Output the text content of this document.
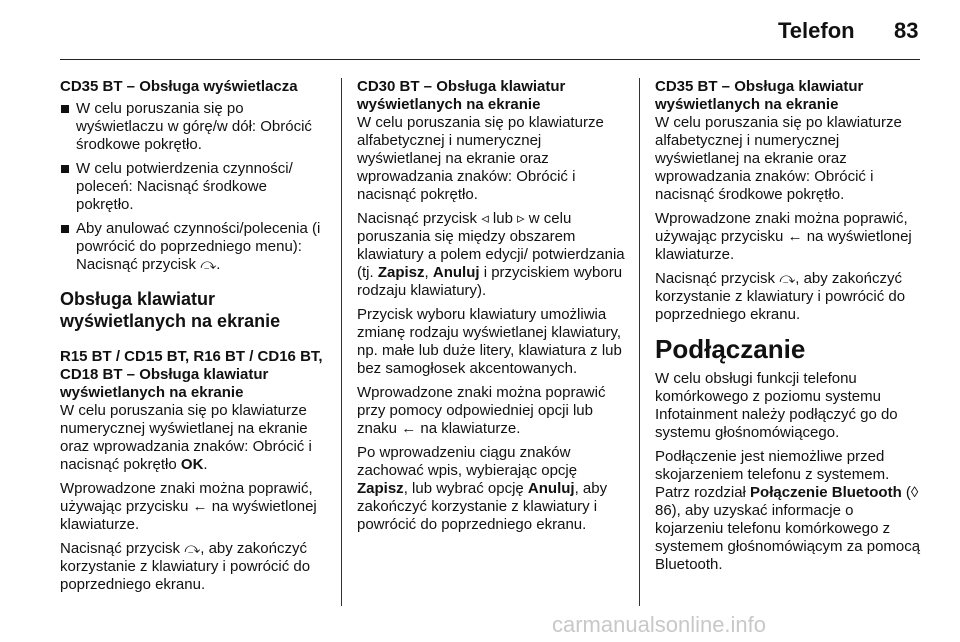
Telefon 83
CD35 BT – Obsługa wyświetlacza
W celu poruszania się po wyświetlaczu w górę/w dół: Obrócić środkowe pokrętło.
W celu potwierdzenia czynności/ poleceń: Nacisnąć środkowe pokrętło.
Aby anulować czynności/polecenia (i powrócić do poprzedniego menu): Nacisnąć przycisk ⤼.
Obsługa klawiatur wyświetlanych na ekranie
R15 BT / CD15 BT, R16 BT / CD16 BT, CD18 BT – Obsługa klawiatur wyświetlanych na ekranie

W celu poruszania się po klawiaturze numerycznej wyświetlanej na ekranie oraz wprowadzania znaków: Obrócić i nacisnąć pokrętło OK.

Wprowadzone znaki można poprawić, używając przycisku ← na wyświetlonej klawiaturze.

Nacisnąć przycisk ⤼, aby zakończyć korzystanie z klawiatury i powrócić do poprzedniego ekranu.

CD30 BT – Obsługa klawiatur wyświetlanych na ekranie

W celu poruszania się po klawiaturze alfabetycznej i numerycznej wyświetlanej na ekranie oraz wprowadzania znaków: Obrócić i nacisnąć pokrętło.

Nacisnąć przycisk ◃ lub ▹ w celu poruszania się między obszarem klawiatury a polem edycji/ potwierdzania (tj. Zapisz, Anuluj i przyciskiem wyboru rodzaju klawiatury).

Przycisk wyboru klawiatury umożliwia zmianę rodzaju wyświetlanej klawiatury, np. małe lub duże litery, klawiatura z lub bez samogłosek akcentowanych.

Wprowadzone znaki można poprawić przy pomocy odpowiedniej opcji lub znaku ← na klawiaturze.

Po wprowadzeniu ciągu znaków zachować wpis, wybierając opcję Zapisz, lub wybrać opcję Anuluj, aby zakończyć korzystanie z klawiatury i powrócić do poprzedniego ekranu.

CD35 BT – Obsługa klawiatur wyświetlanych na ekranie

W celu poruszania się po klawiaturze alfabetycznej i numerycznej wyświetlanej na ekranie oraz wprowadzania znaków: Obrócić i nacisnąć środkowe pokrętło.

Wprowadzone znaki można poprawić, używając przycisku ← na wyświetlonej klawiaturze.

Nacisnąć przycisk ⤼, aby zakończyć korzystanie z klawiatury i powrócić do poprzedniego ekranu.

Podłączanie

W celu obsługi funkcji telefonu komórkowego z poziomu systemu Infotainment należy podłączyć go do systemu głośnomówiącego.

Podłączenie jest niemożliwe przed skojarzeniem telefonu z systemem. Patrz rozdział Połączenie Bluetooth (◊ 86), aby uzyskać informacje o kojarzeniu telefonu komórkowego z systemem głośnomówiącym za pomocą Bluetooth.

carmanualsonline.info
